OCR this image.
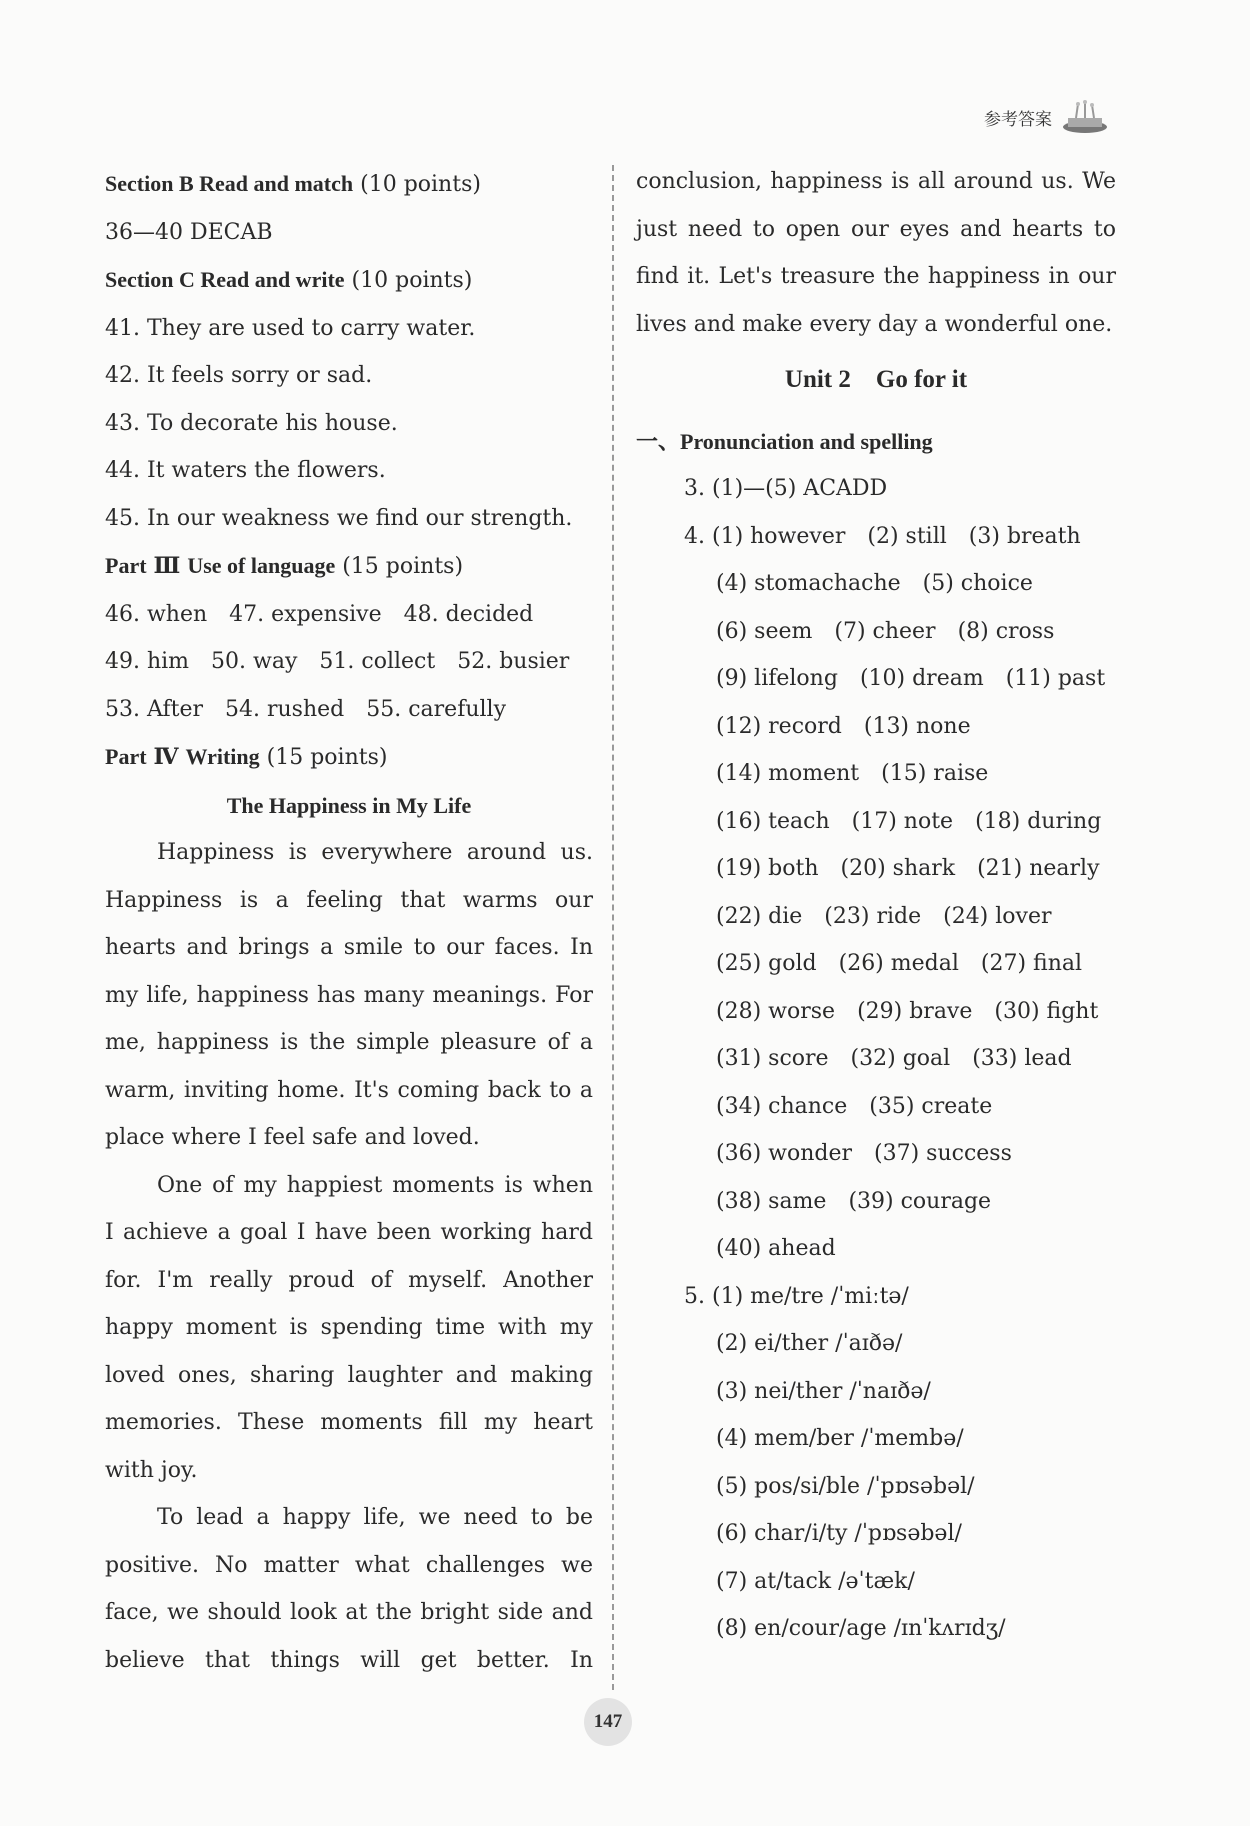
参考答案
Section B Read and match (10 points)
36—40 DECAB
Section C Read and write (10 points)
41. They are used to carry water.
42. It feels sorry or sad.
43. To decorate his house.
44. It waters the flowers.
45. In our weakness we find our strength.
Part Ⅲ Use of language (15 points)
46. when 47. expensive 48. decided
49. him 50. way 51. collect 52. busier
53. After 54. rushed 55. carefully
Part Ⅳ Writing (15 points)
The Happiness in My Life
Happiness is everywhere around us.
Happiness is a feeling that warms our
hearts and brings a smile to our faces. In
my life, happiness has many meanings. For
me, happiness is the simple pleasure of a
warm, inviting home. It's coming back to a
place where I feel safe and loved.
One of my happiest moments is when
I achieve a goal I have been working hard
for. I'm really proud of myself. Another
happy moment is spending time with my
loved ones, sharing laughter and making
memories. These moments fill my heart
with joy.
To lead a happy life, we need to be
positive. No matter what challenges we
face, we should look at the bright side and
believe that things will get better. In
conclusion, happiness is all around us. We
just need to open our eyes and hearts to
find it. Let's treasure the happiness in our
lives and make every day a wonderful one.
Unit 2    Go for it
一、Pronunciation and spelling
3. (1)—(5) ACADD
4. (1) however (2) still (3) breath
(4) stomachache (5) choice
(6) seem (7) cheer (8) cross
(9) lifelong (10) dream (11) past
(12) record (13) none
(14) moment (15) raise
(16) teach (17) note (18) during
(19) both (20) shark (21) nearly
(22) die (23) ride (24) lover
(25) gold (26) medal (27) final
(28) worse (29) brave (30) fight
(31) score (32) goal (33) lead
(34) chance (35) create
(36) wonder (37) success
(38) same (39) courage
(40) ahead
5. (1) me/tre /ˈmiːtə/
(2) ei/ther /ˈaɪðə/
(3) nei/ther /ˈnaɪðə/
(4) mem/ber /ˈmembə/
(5) pos/si/ble /ˈpɒsəbəl/
(6) char/i/ty /ˈpɒsəbəl/
(7) at/tack /əˈtæk/
(8) en/cour/age /ɪnˈkʌrɪdʒ/
147
